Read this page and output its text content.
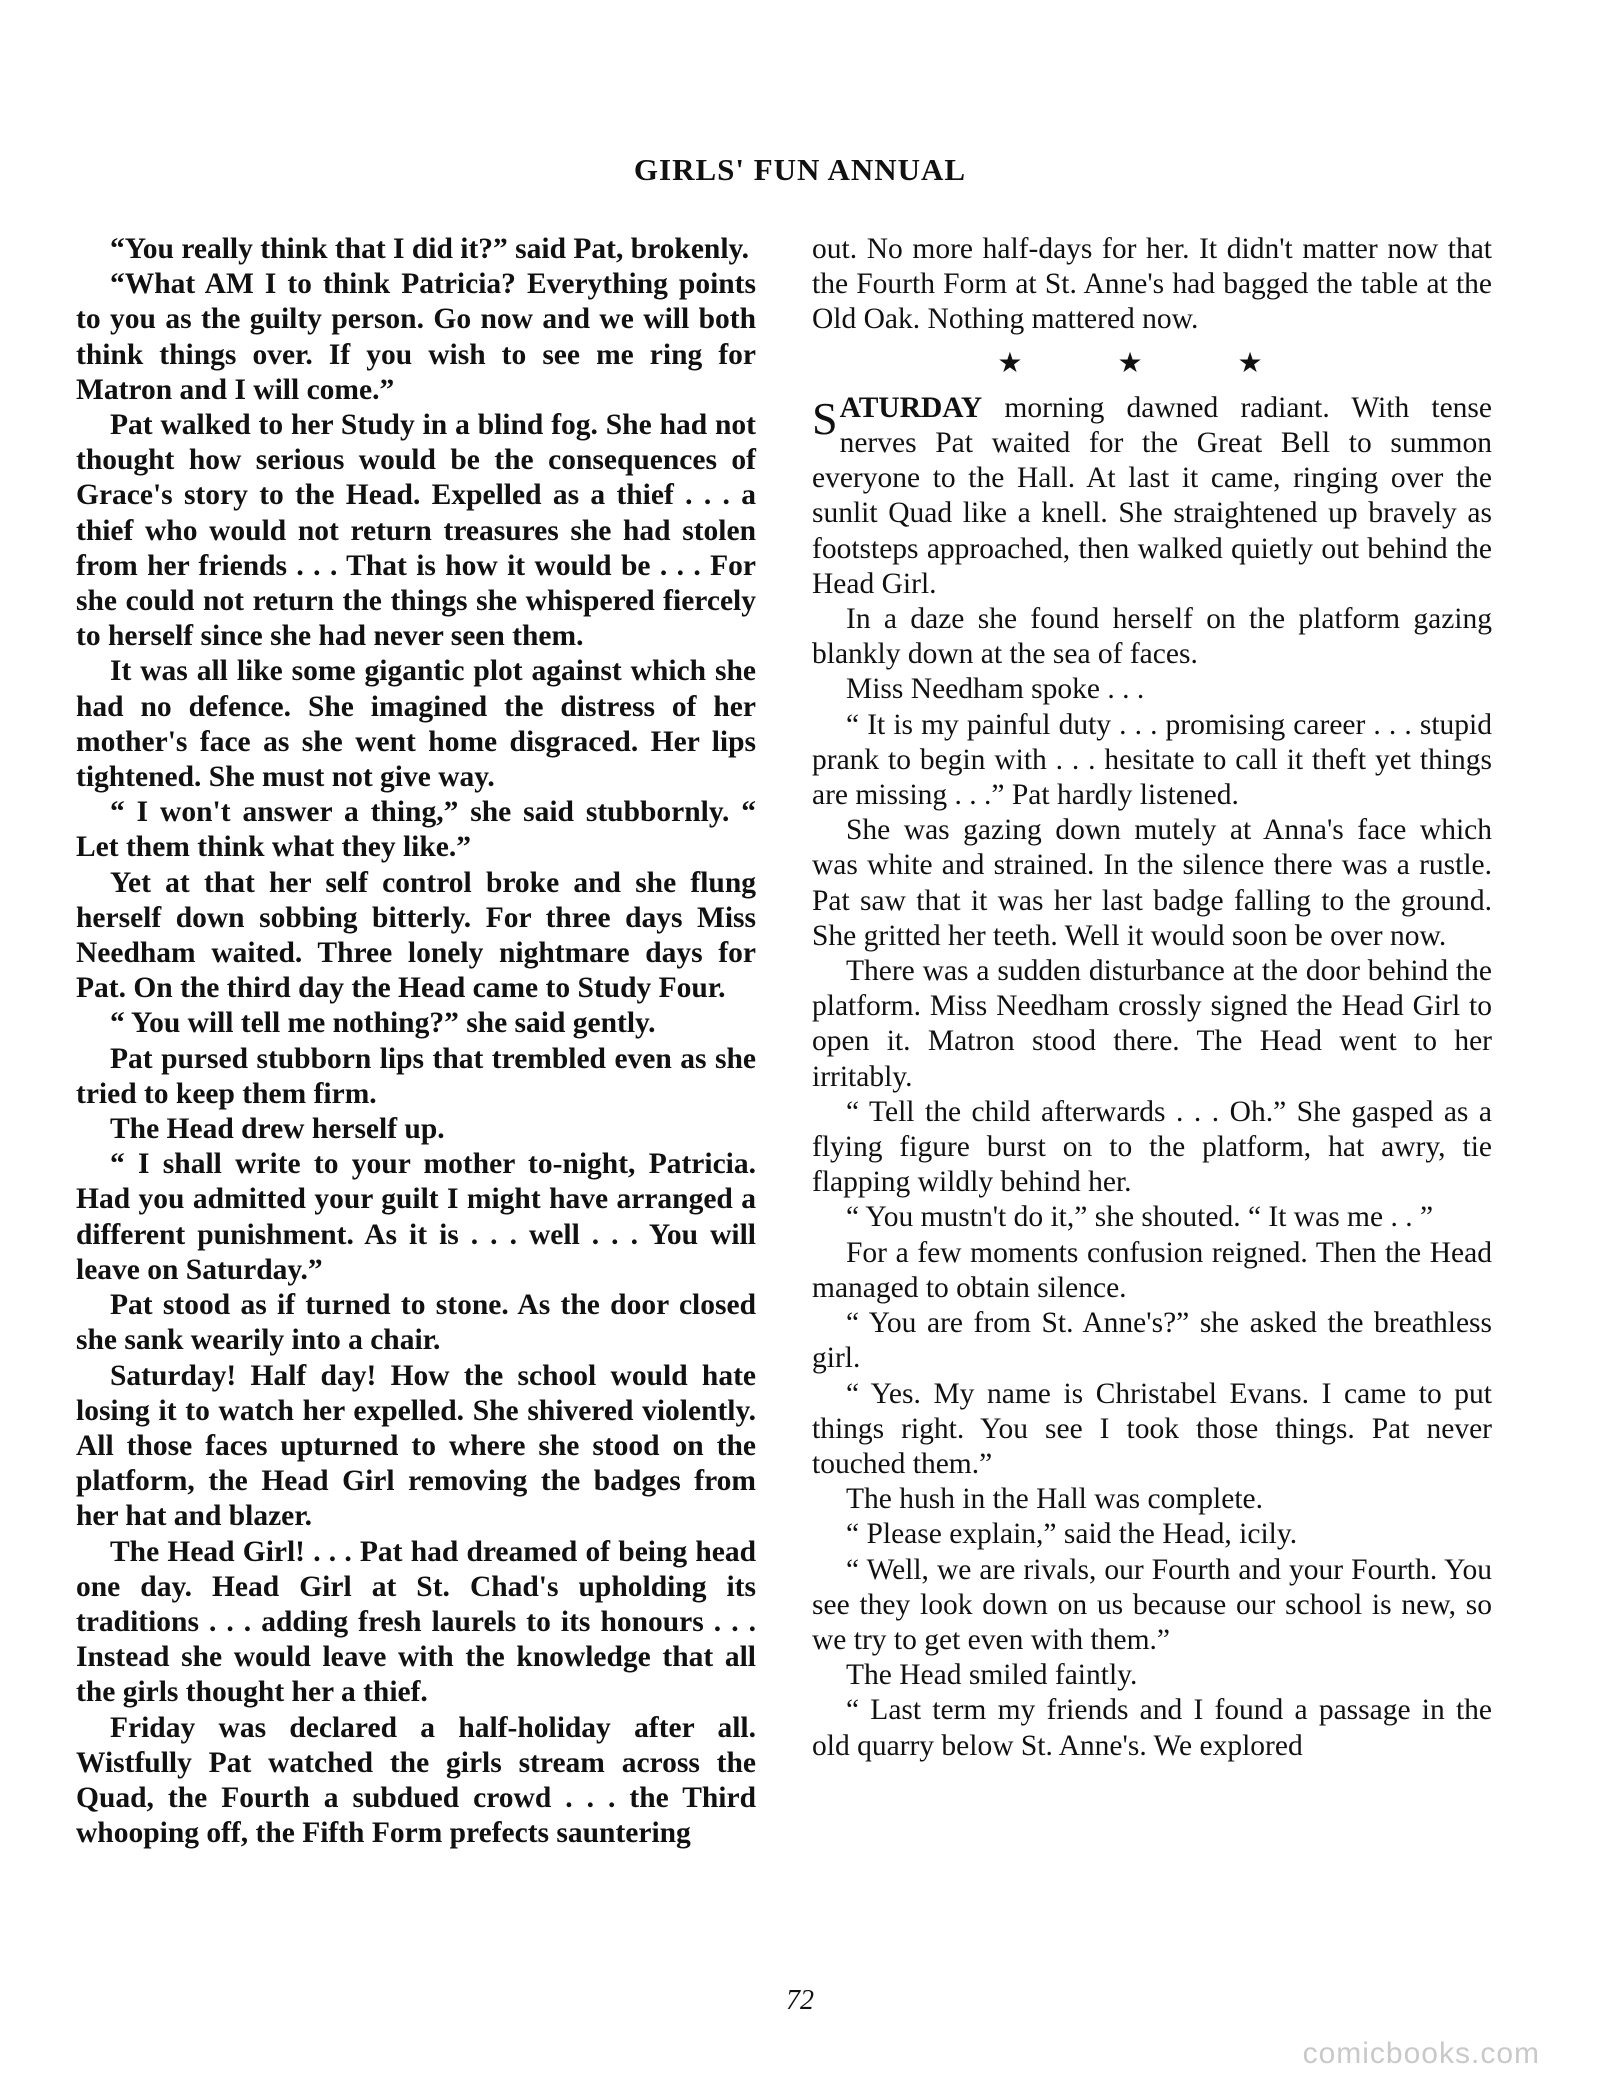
GIRLS' FUN ANNUAL

“You really think that I did it?” said Pat, brokenly.

“What AM I to think Patricia? Everything points to you as the guilty person. Go now and we will both think things over. If you wish to see me ring for Matron and I will come.”

Pat walked to her Study in a blind fog. She had not thought how serious would be the consequences of Grace's story to the Head. Expelled as a thief . . . a thief who would not return treasures she had stolen from her friends . . . That is how it would be . . . For she could not return the things she whispered fiercely to herself since she had never seen them.

It was all like some gigantic plot against which she had no defence. She imagined the distress of her mother's face as she went home disgraced. Her lips tightened. She must not give way.

“ I won't answer a thing,” she said stubbornly. “ Let them think what they like.”

Yet at that her self control broke and she flung herself down sobbing bitterly. For three days Miss Needham waited. Three lonely nightmare days for Pat. On the third day the Head came to Study Four.

“ You will tell me nothing?” she said gently.

Pat pursed stubborn lips that trembled even as she tried to keep them firm.

The Head drew herself up.

“ I shall write to your mother to-night, Patricia. Had you admitted your guilt I might have arranged a different punishment. As it is . . . well . . . You will leave on Saturday.”

Pat stood as if turned to stone. As the door closed she sank wearily into a chair.

Saturday! Half day! How the school would hate losing it to watch her expelled. She shivered violently. All those faces upturned to where she stood on the platform, the Head Girl removing the badges from her hat and blazer.

The Head Girl! . . . Pat had dreamed of being head one day. Head Girl at St. Chad's upholding its traditions . . . adding fresh laurels to its honours . . . Instead she would leave with the knowledge that all the girls thought her a thief.

Friday was declared a half-holiday after all. Wistfully Pat watched the girls stream across the Quad, the Fourth a subdued crowd . . . the Third whooping off, the Fifth Form prefects sauntering

out. No more half-days for her. It didn't matter now that the Fourth Form at St. Anne's had bagged the table at the Old Oak. Nothing mattered now.

★ ★ ★

SATURDAY morning dawned radiant. With tense nerves Pat waited for the Great Bell to summon everyone to the Hall. At last it came, ringing over the sunlit Quad like a knell. She straightened up bravely as footsteps approached, then walked quietly out behind the Head Girl.

In a daze she found herself on the platform gazing blankly down at the sea of faces.

Miss Needham spoke . . .

“ It is my painful duty . . . promising career . . . stupid prank to begin with . . . hesitate to call it theft yet things are missing . . .” Pat hardly listened.

She was gazing down mutely at Anna's face which was white and strained. In the silence there was a rustle. Pat saw that it was her last badge falling to the ground. She gritted her teeth. Well it would soon be over now.

There was a sudden disturbance at the door behind the platform. Miss Needham crossly signed the Head Girl to open it. Matron stood there. The Head went to her irritably.

“ Tell the child afterwards . . . Oh.” She gasped as a flying figure burst on to the platform, hat awry, tie flapping wildly behind her.

“ You mustn't do it,” she shouted. “ It was me . . ”

For a few moments confusion reigned. Then the Head managed to obtain silence.

“ You are from St. Anne's?” she asked the breathless girl.

“ Yes. My name is Christabel Evans. I came to put things right. You see I took those things. Pat never touched them.”

The hush in the Hall was complete.

“ Please explain,” said the Head, icily.

“ Well, we are rivals, our Fourth and your Fourth. You see they look down on us because our school is new, so we try to get even with them.”

The Head smiled faintly.

“ Last term my friends and I found a passage in the old quarry below St. Anne's. We explored

72
comicbooks.com
